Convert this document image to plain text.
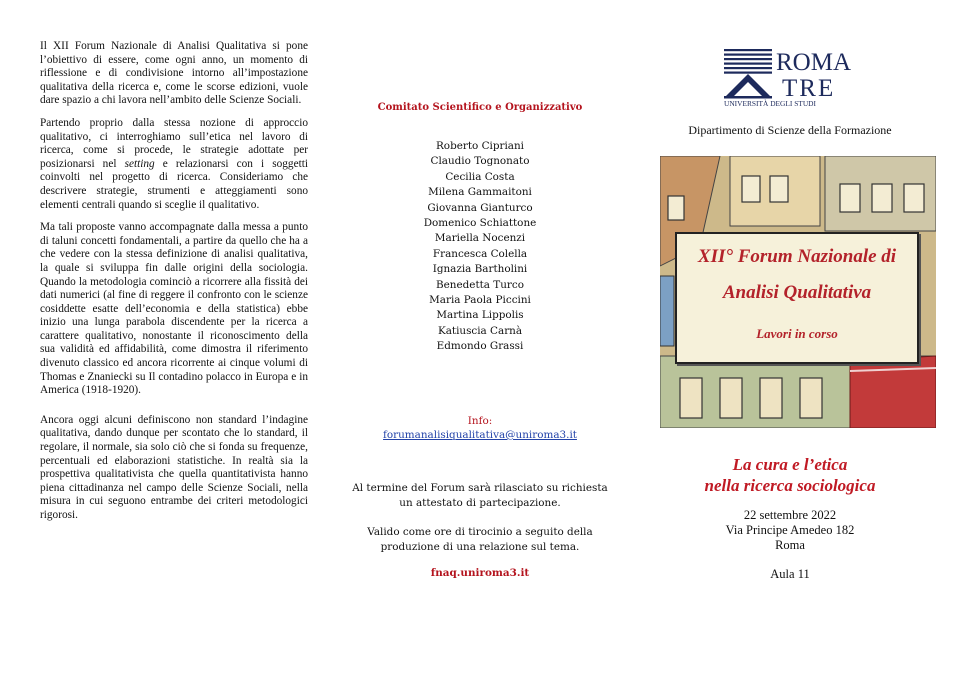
Il XII Forum Nazionale di Analisi Qualitativa si pone l’obiettivo di essere, come ogni anno, un momento di riflessione e di condivisione intorno all’impostazione qualitativa della ricerca e, come le scorse edizioni, vuole dare spazio a chi lavora nell’ambito delle Scienze Sociali.

Partendo proprio dalla stessa nozione di approccio qualitativo, ci interroghiamo sull’etica nel lavoro di ricerca, come si procede, le strategie adottate per posizionarsi nel setting e relazionarsi con i soggetti coinvolti nel progetto di ricerca. Consideriamo che descrivere strategie, strumenti e atteggiamenti sono elementi centrali quando si sceglie il qualitativo.

Ma tali proposte vanno accompagnate dalla messa a punto di taluni concetti fondamentali, a partire da quello che ha a che vedere con la stessa definizione di analisi qualitativa, la quale si sviluppa fin dalle origini della sociologia. Quando la metodologia cominciò a ricorrere alla fissità dei dati numerici (al fine di reggere il confronto con le scienze cosiddette esatte dell’economia e della statistica) ebbe inizio una lunga parabola discendente per la ricerca a carattere qualitativo, nonostante il riconoscimento della sua validità ed affidabilità, come dimostra il riferimento divenuto classico ed ancora ricorrente ai cinque volumi di Thomas e Znaniecki su Il contadino polacco in Europa e in America (1918-1920).

Ancora oggi alcuni definiscono non standard l’indagine qualitativa, dando dunque per scontato che lo standard, il regolare, il normale, sia solo ciò che si fonda su frequenze, percentuali ed elaborazioni statistiche. In realtà sia la prospettiva qualitativista che quella quantitativista hanno piena cittadinanza nel campo delle Scienze Sociali, nella misura in cui seguono entrambe dei criteri metodologici rigorosi.

Comitato Scientifico e Organizzativo
Roberto Cipriani
Claudio Tognonato
Cecilia Costa
Milena Gammaitoni
Giovanna Gianturco
Domenico Schiattone
Mariella Nocenzi
Francesca Colella
Ignazia Bartholini
Benedetta Turco
Maria Paola Piccini
Martina Lippolis
Katiuscia Carnà
Edmondo Grassi
Info:
forumanalisiqualitativa@uniroma3.it
Al termine del Forum sarà rilasciato su richiesta un attestato di partecipazione.
Valido come ore di tirocinio a seguito della produzione di una relazione sul tema.
fnaq.uniroma3.it
ROMA
TRE
UNIVERSITÀ DEGLI STUDI
Dipartimento di Scienze della Formazione
XII° Forum Nazionale di
Analisi Qualitativa
Lavori in corso
La cura e l’etica
nella ricerca sociologica
22 settembre 2022
Via Principe Amedeo 182
Roma
Aula 11
